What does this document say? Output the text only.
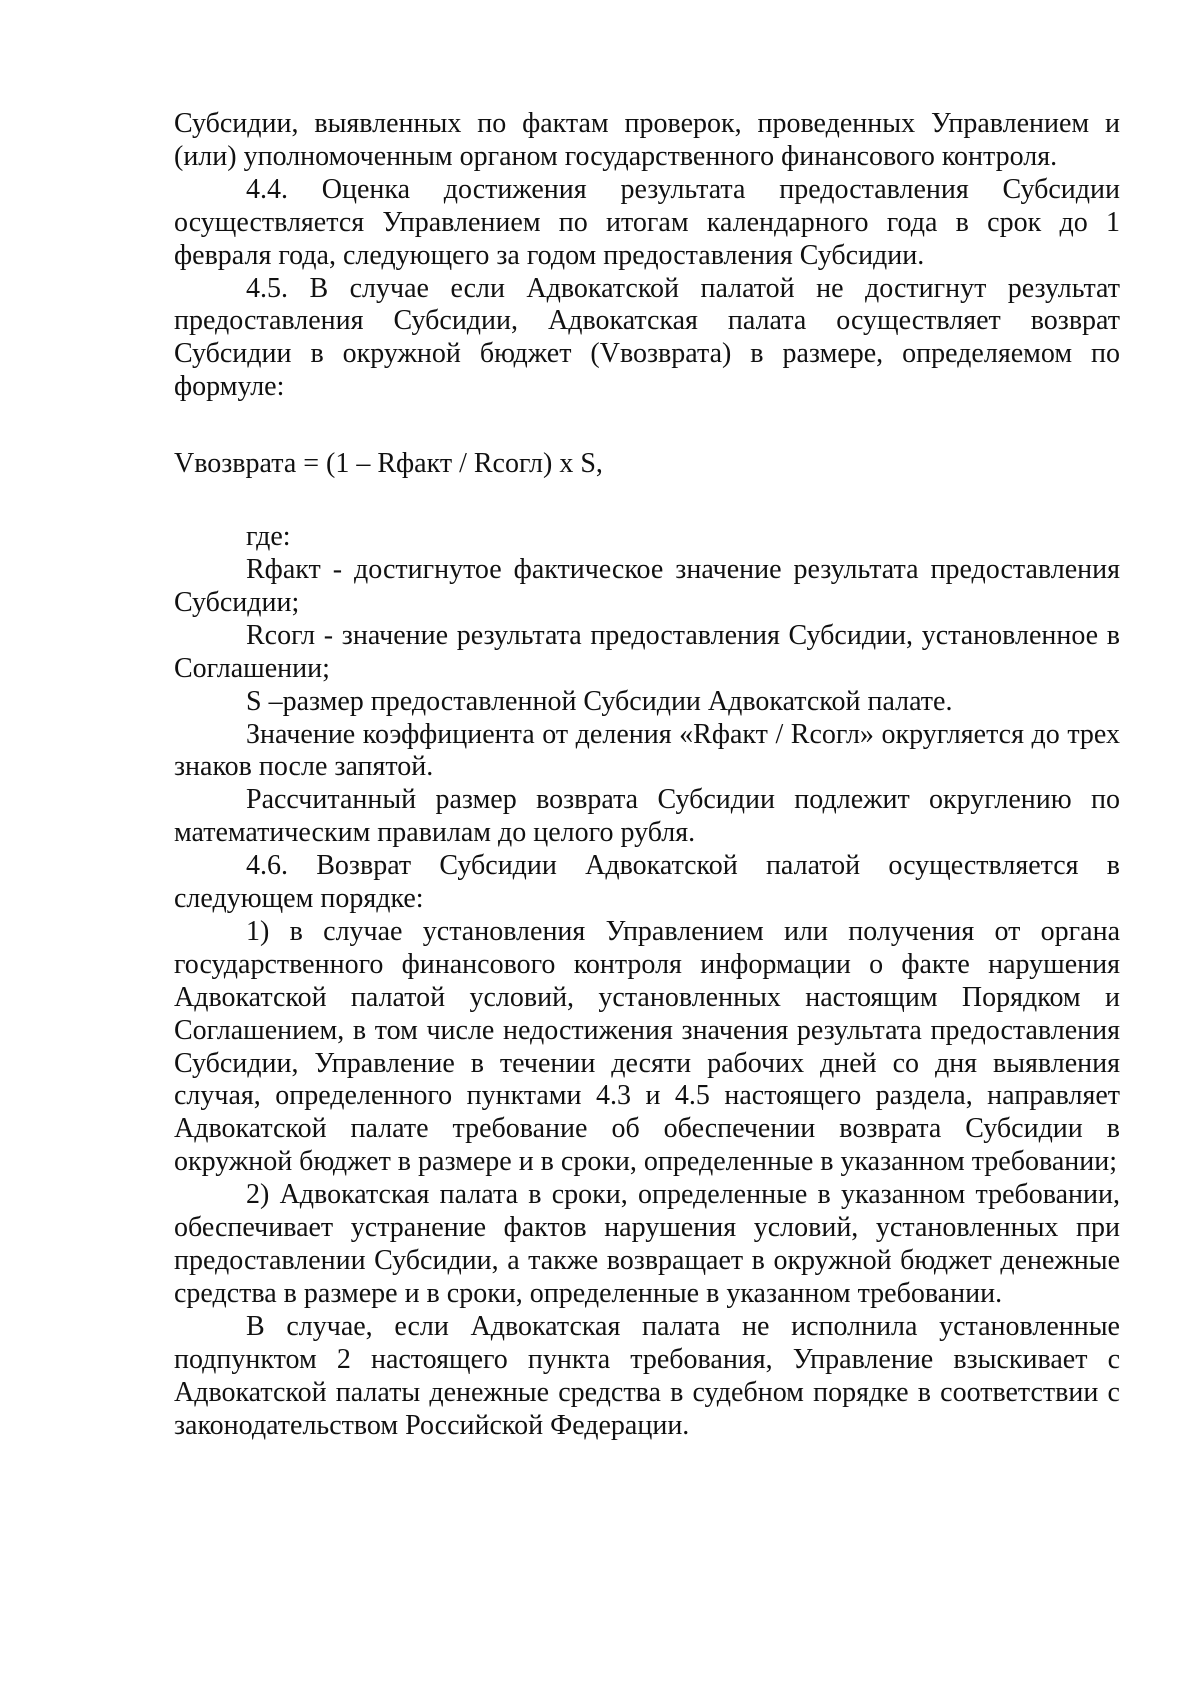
Субсидии, выявленных по фактам проверок, проведенных Управлением и (или) уполномоченным органом государственного финансового контроля.

4.4. Оценка достижения результата предоставления Субсидии осуществляется Управлением по итогам календарного года в срок до 1 февраля года, следующего за годом предоставления Субсидии.

4.5. В случае если Адвокатской палатой не достигнут результат предоставления Субсидии, Адвокатская палата осуществляет возврат Субсидии в окружной бюджет (Vвозврата) в размере, определяемом по формуле:

Vвозврата = (1 – Rфакт / Rсогл) x S,

где:

Rфакт - достигнутое фактическое значение результата предоставления Субсидии;

Rсогл - значение результата предоставления Субсидии, установленное в Соглашении;

S –размер предоставленной Субсидии Адвокатской палате.

Значение коэффициента от деления «Rфакт / Rсогл» округляется до трех знаков после запятой.

Рассчитанный размер возврата Субсидии подлежит округлению по математическим правилам до целого рубля.

4.6. Возврат Субсидии Адвокатской палатой осуществляется в следующем порядке:

1) в случае установления Управлением или получения от органа государственного финансового контроля информации о факте нарушения Адвокатской палатой условий, установленных настоящим Порядком и Соглашением, в том числе недостижения значения результата предоставления Субсидии, Управление в течении десяти рабочих дней со дня выявления случая, определенного пунктами 4.3 и 4.5 настоящего раздела, направляет Адвокатской палате требование об обеспечении возврата Субсидии в окружной бюджет в размере и в сроки, определенные в указанном требовании;

2) Адвокатская палата в сроки, определенные в указанном требовании, обеспечивает устранение фактов нарушения условий, установленных при предоставлении Субсидии, а также возвращает в окружной бюджет денежные средства в размере и в сроки, определенные в указанном требовании.

В случае, если Адвокатская палата не исполнила установленные подпунктом 2 настоящего пункта требования, Управление взыскивает с Адвокатской палаты денежные средства в судебном порядке в соответствии с законодательством Российской Федерации.
